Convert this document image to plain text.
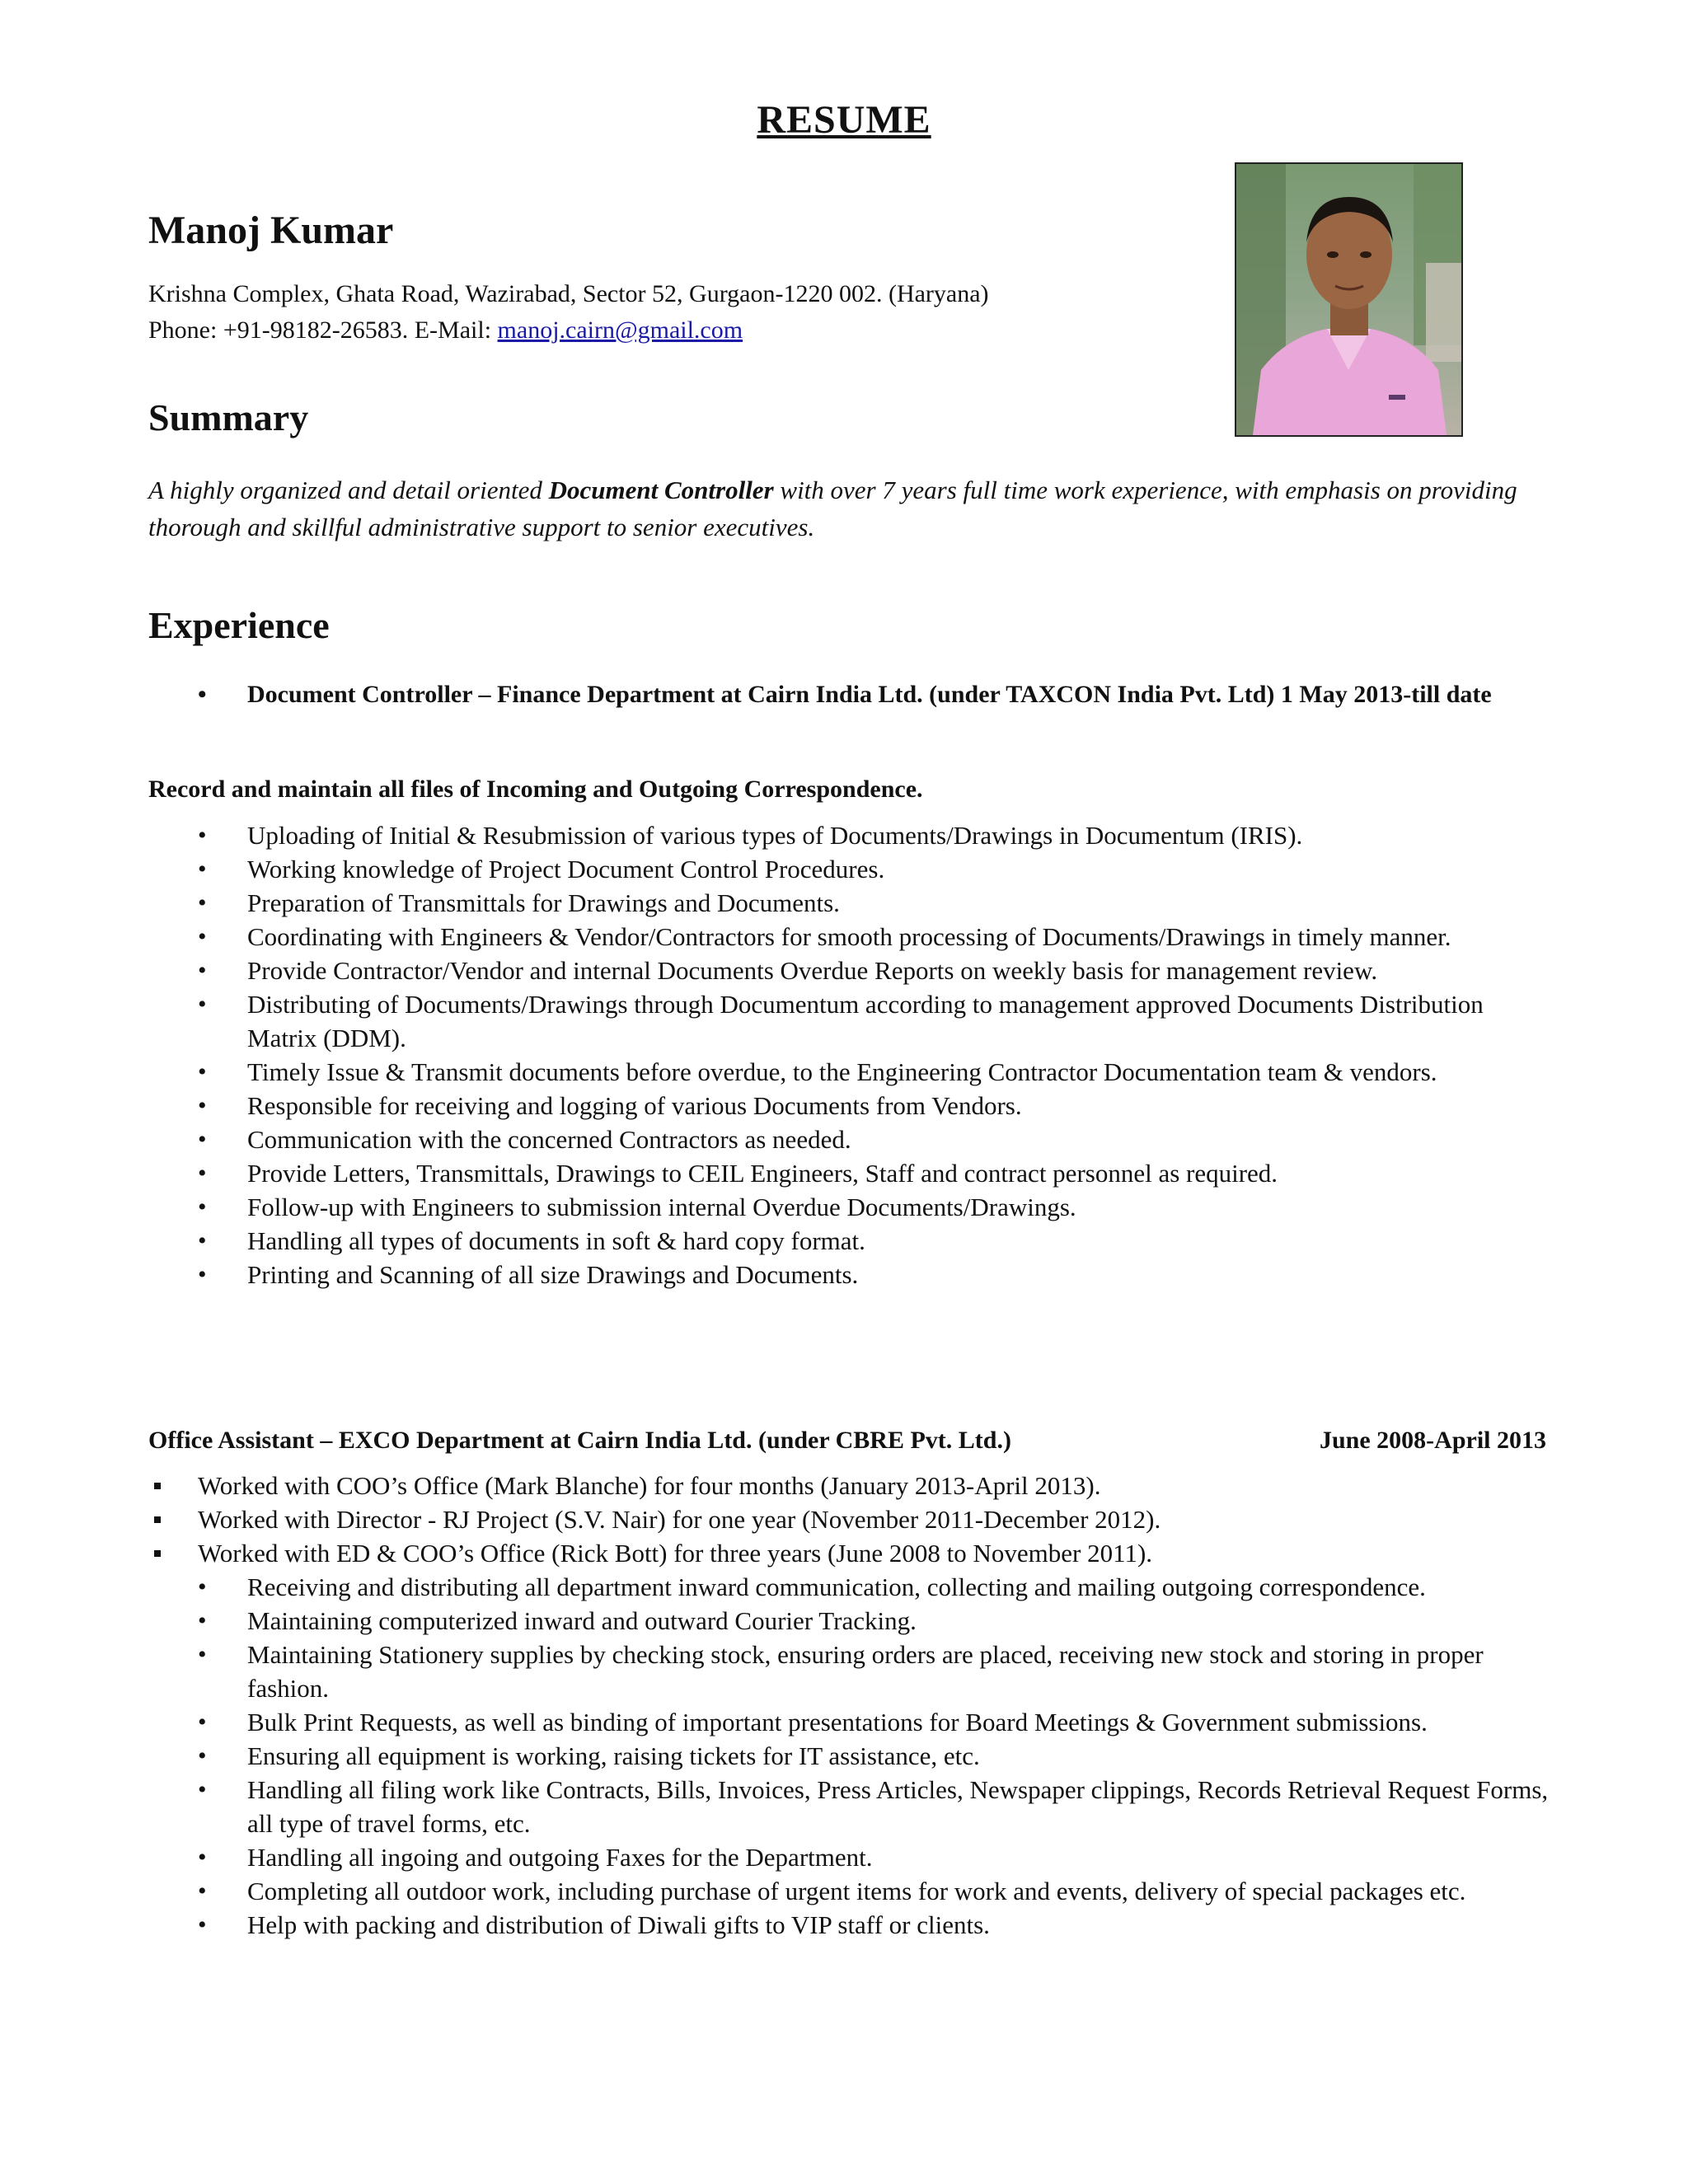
RESUME
Manoj Kumar
Krishna Complex, Ghata Road, Wazirabad, Sector 52, Gurgaon-1220 002. (Haryana)
Phone: +91-98182-26583. E-Mail: manoj.cairn@gmail.com
Summary
A highly organized and detail oriented Document Controller with over 7 years full time work experience, with emphasis on providing thorough and skillful administrative support to senior executives.
Experience
• Document Controller – Finance Department at Cairn India Ltd. (under TAXCON India Pvt. Ltd) 1 May 2013-till date
Record and maintain all files of Incoming and Outgoing Correspondence.
• Uploading of Initial & Resubmission of various types of Documents/Drawings in Documentum (IRIS).
• Working knowledge of Project Document Control Procedures.
• Preparation of Transmittals for Drawings and Documents.
• Coordinating with Engineers & Vendor/Contractors for smooth processing of Documents/Drawings in timely manner.
• Provide Contractor/Vendor and internal Documents Overdue Reports on weekly basis for management review.
• Distributing of Documents/Drawings through Documentum according to management approved Documents Distribution Matrix (DDM).
• Timely Issue & Transmit documents before overdue, to the Engineering Contractor Documentation team & vendors.
• Responsible for receiving and logging of various Documents from Vendors.
• Communication with the concerned Contractors as needed.
• Provide Letters, Transmittals, Drawings to CEIL Engineers, Staff and contract personnel as required.
• Follow-up with Engineers to submission internal Overdue Documents/Drawings.
• Handling all types of documents in soft & hard copy format.
• Printing and Scanning of all size Drawings and Documents.
Office Assistant – EXCO Department at Cairn India Ltd. (under CBRE Pvt. Ltd.)	June 2008-April 2013
Worked with COO’s Office (Mark Blanche) for four months (January 2013-April 2013).
Worked with Director - RJ Project (S.V. Nair) for one year (November 2011-December 2012).
Worked with ED & COO’s Office (Rick Bott) for three years (June 2008 to November 2011).
• Receiving and distributing all department inward communication, collecting and mailing outgoing correspondence.
• Maintaining computerized inward and outward Courier Tracking.
• Maintaining Stationery supplies by checking stock, ensuring orders are placed, receiving new stock and storing in proper fashion.
• Bulk Print Requests, as well as binding of important presentations for Board Meetings & Government submissions.
• Ensuring all equipment is working, raising tickets for IT assistance, etc.
• Handling all filing work like Contracts, Bills, Invoices, Press Articles, Newspaper clippings, Records Retrieval Request Forms, all type of travel forms, etc.
• Handling all ingoing and outgoing Faxes for the Department.
• Completing all outdoor work, including purchase of urgent items for work and events, delivery of special packages etc.
• Help with packing and distribution of Diwali gifts to VIP staff or clients.
